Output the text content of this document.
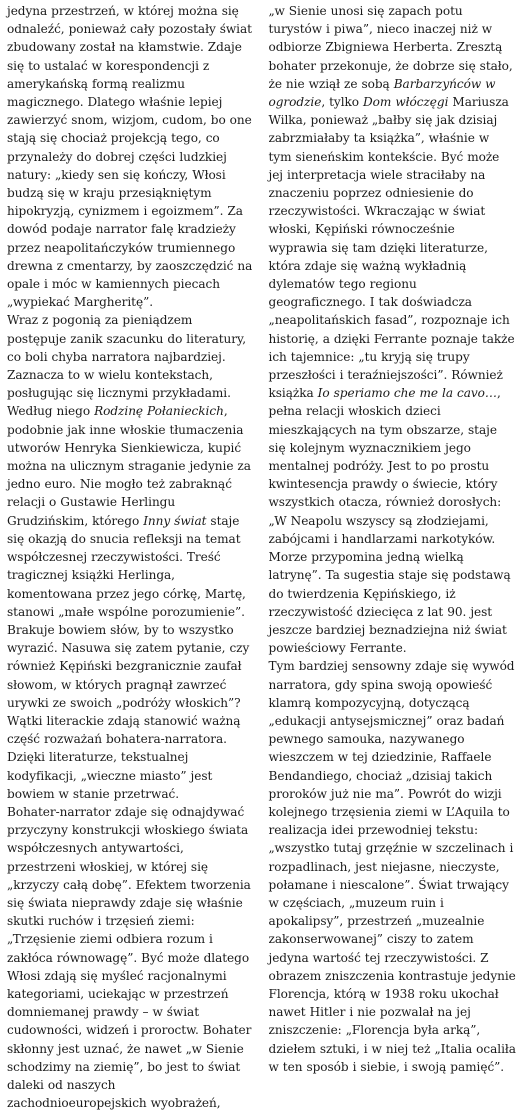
jedyna przestrzeń, w której można się odnaleźć, ponieważ cały pozostały świat zbudowany został na kłamstwie. Zdaje się to ustalać w korespondencji z amerykańską formą realizmu magicznego. Dlatego właśnie lepiej zawierzyć snom, wizjom, cudom, bo one stają się chociaż projekcją tego, co przynależy do dobrej części ludzkiej natury: „kiedy sen się kończy, Włosi budzą się w kraju przesiąkniętym hipokryzją, cynizmem i egoizmem”. Za dowód podaje narrator falę kradzieży przez neapolitańczyków trumiennego drewna z cmentarzy, by zaoszczędzić na opale i móc w kamiennych piecach „wypiekać Margheritę”.

Wraz z pogonią za pieniądzem postępuje zanik szacunku do literatury, co boli chyba narratora najbardziej. Zaznacza to w wielu kontekstach, posługując się licznymi przykładami. Według niego Rodzinę Połanieckich, podobnie jak inne włoskie tłumaczenia utworów Henryka Sienkiewicza, kupić można na ulicznym straganie jedynie za jedno euro. Nie mogło też zabraknąć relacji o Gustawie Herlingu Grudzińskim, którego Inny świat staje się okazją do snucia refleksji na temat współczesnej rzeczywistości. Treść tragicznej książki Herlinga, komentowana przez jego córkę, Martę, stanowi „małe wspólne porozumienie”. Brakuje bowiem słów, by to wszystko wyrazić. Nasuwa się zatem pytanie, czy również Kępiński bezgranicznie zaufał słowom, w których pragnął zawrzeć urywki ze swoich „podróży włoskich”? Wątki literackie zdają stanowić ważną część rozważań bohatera-narratora. Dzięki literaturze, tekstualnej kodyfikacji, „wieczne miasto” jest bowiem w stanie przetrwać.

Bohater-narrator zdaje się odnajdywać przyczyny konstrukcji włoskiego świata współczesnych antywartości, przestrzeni włoskiej, w której się „krzyczy całą dobę”. Efektem tworzenia się świata nieprawdy zdaje się właśnie skutki ruchów i trzęsień ziemi: „Trzęsienie ziemi odbiera rozum i zakłóca równowagę”. Być może dlatego Włosi zdają się myśleć racjonalnymi kategoriami, uciekając w przestrzeń domniemanej prawdy – w świat cudowności, widzeń i proroctw. Bohater skłonny jest uznać, że nawet „w Sienie schodzimy na ziemię”, bo jest to świat daleki od naszych zachodnioeuropejskich wyobrażeń,

„w Sienie unosi się zapach potu turystów i piwa”, nieco inaczej niż w odbiorze Zbigniewa Herberta. Zresztą bohater przekonuje, że dobrze się stało, że nie wziął ze sobą Barbarzyńców w ogrodzie, tylko Dom włóczęgi Mariusza Wilka, ponieważ „bałby się jak dzisiaj zabrzmiałaby ta książka”, właśnie w tym sieneńskim kontekście. Być może jej interpretacja wiele straciłaby na znaczeniu poprzez odniesienie do rzeczywistości. Wkraczając w świat włoski, Kępiński równocześnie wyprawia się tam dzięki literaturze, która zdaje się ważną wykładnią dylematów tego regionu geograficznego. I tak doświadcza „neapolitańskich fasad”, rozpoznaje ich historię, a dzięki Ferrante poznaje także ich tajemnice: „tu kryją się trupy przeszłości i teraźniejszości”. Również książka Io speriamo che me la cavo…, pełna relacji włoskich dzieci mieszkających na tym obszarze, staje się kolejnym wyznacznikiem jego mentalnej podróży. Jest to po prostu kwintesencja prawdy o świecie, który wszystkich otacza, również dorosłych: „W Neapolu wszyscy są złodziejami, zabójcami i handlarzami narkotyków. Morze przypomina jedną wielką latrynę”. Ta sugestia staje się podstawą do twierdzenia Kępińskiego, iż rzeczywistość dziecięca z lat 90. jest jeszcze bardziej beznadziejna niż świat powieściowy Ferrante.

Tym bardziej sensowny zdaje się wywód narratora, gdy spina swoją opowieść klamrą kompozycyjną, dotyczącą „edukacji antysejsmicznej” oraz badań pewnego samouka, nazywanego wieszczem w tej dziedzinie, Raffaele Bendandiego, chociaż „dzisiaj takich proroków już nie ma”. Powrót do wizji kolejnego trzęsienia ziemi w L’Aquila to realizacja idei przewodniej tekstu: „wszystko tutaj grzęźnie w szczelinach i rozpadlinach, jest niejasne, nieczyste, połamane i niescalone”. Świat trwający w częściach, „muzeum ruin i apokalipsy”, przestrzeń „muzealnie zakonserwowanej” ciszy to zatem jedyna wartość tej rzeczywistości. Z obrazem zniszczenia kontrastuje jedynie Florencja, którą w 1938 roku ukochał nawet Hitler i nie pozwalał na jej zniszczenie: „Florencja była arką”, dziełem sztuki, i w niej też „Italia ocaliła w ten sposób i siebie, i swoją pamięć”.
